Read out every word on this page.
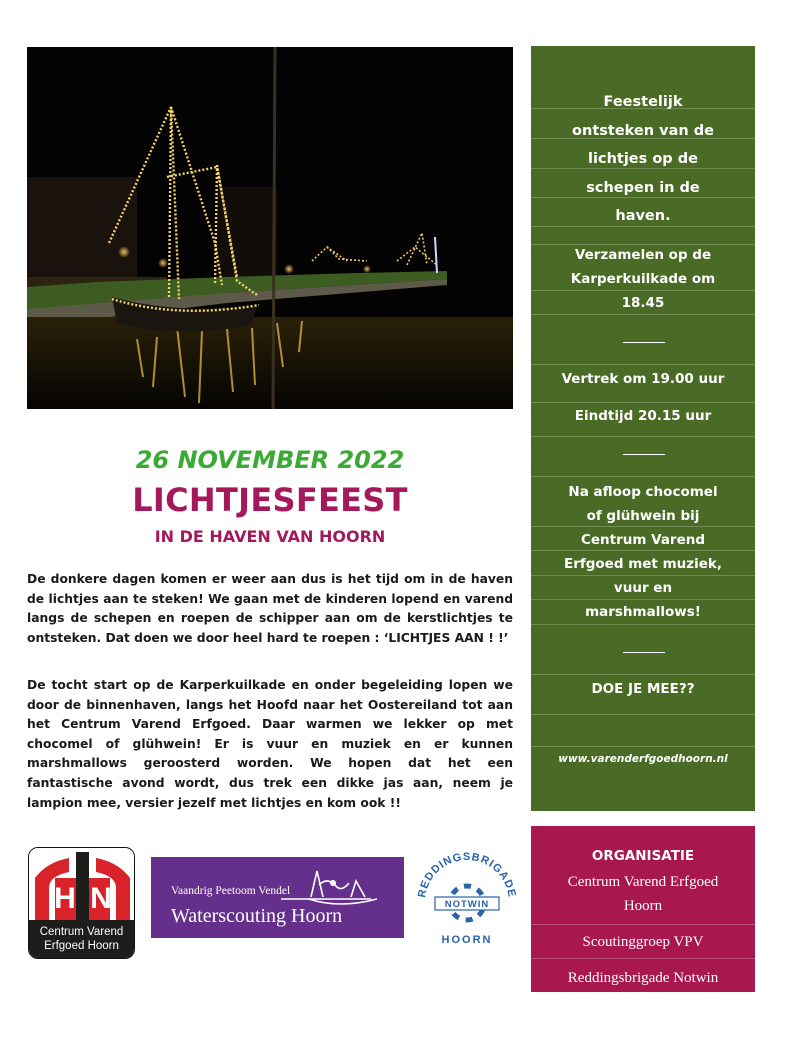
Feestelijk
ontsteken van de
lichtjes op de
schepen in de
haven.
Verzamelen op de
Karperkuilkade om
18.45
Vertrek om 19.00 uur
Eindtijd 20.15 uur
Na afloop chocomel
of glühwein bij
Centrum Varend
Erfgoed met muziek,
vuur en
marshmallows!
DOE JE MEE??
www.varenderfgoedhoorn.nl
26 NOVEMBER 2022
LICHTJESFEEST
IN DE HAVEN VAN HOORN
De donkere dagen komen er weer aan dus is het tijd om in de haven de lichtjes aan te steken! We gaan met de kinderen lopend en varend langs de schepen en roepen de schipper aan om de kerstlichtjes te ontsteken. Dat doen we door heel hard te roepen : ‘LICHTJES AAN ! !’
De tocht start op de Karperkuilkade en onder begeleiding lopen we door de binnenhaven, langs het Hoofd naar het Oostereiland tot aan het Centrum Varend Erfgoed. Daar warmen we lekker op met chocomel of glühwein! Er is vuur en muziek en er kunnen marshmallows geroosterd worden. We hopen dat het een fantastische avond wordt, dus trek een dikke jas aan, neem je lampion mee, versier jezelf met lichtjes en kom ook !!
H N
Centrum Varend
Erfgoed Hoorn
Vaandrig Peetoom Vendel
Waterscouting Hoorn
REDDINGSBRIGADE
NOTWIN
HOORN
ORGANISATIE
Centrum Varend Erfgoed
Hoorn
Scoutinggroep VPV
Reddingsbrigade Notwin
